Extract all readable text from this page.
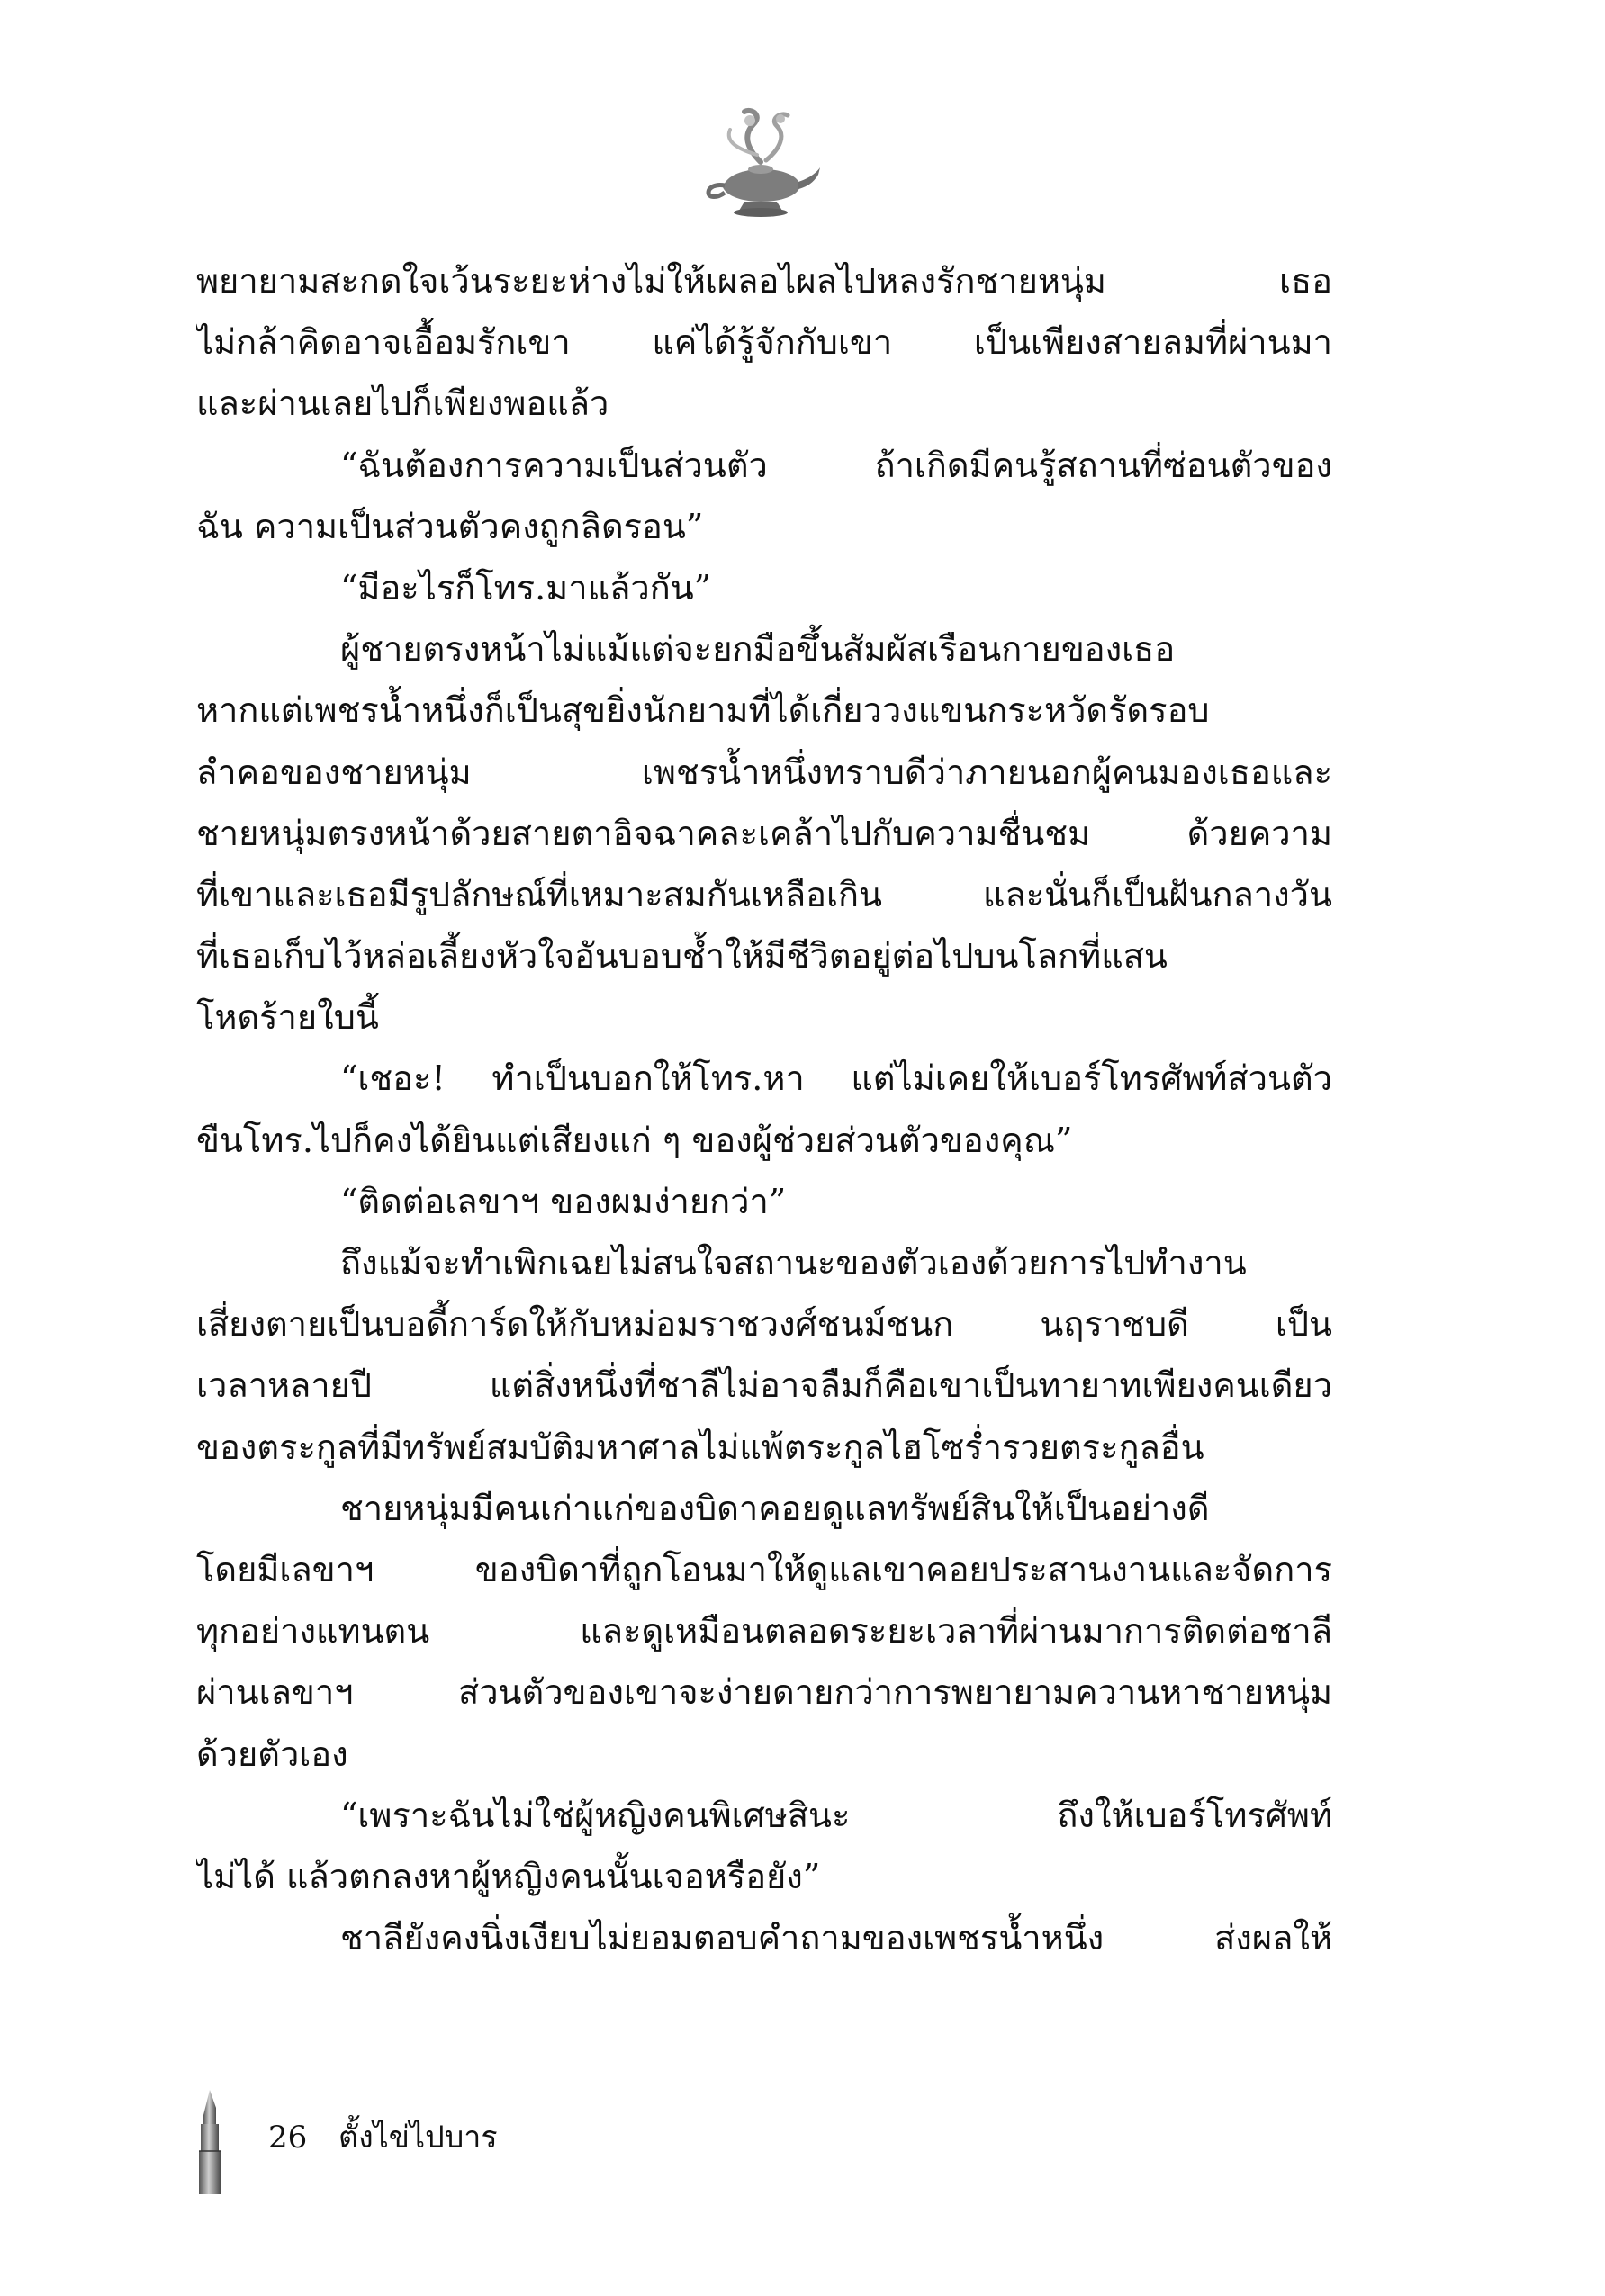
พยายามสะกดใจเว้นระยะห่างไม่ให้เผลอไผลไปหลงรักชายหนุ่ม เธอ
ไม่กล้าคิดอาจเอื้อมรักเขา แค่ได้รู้จักกับเขา เป็นเพียงสายลมที่ผ่านมา
และผ่านเลยไปก็เพียงพอแล้ว
“ฉันต้องการความเป็นส่วนตัว ถ้าเกิดมีคนรู้สถานที่ซ่อนตัวของ
ฉัน ความเป็นส่วนตัวคงถูกลิดรอน”
“มีอะไรก็โทร.มาแล้วกัน”
ผู้ชายตรงหน้าไม่แม้แต่จะยกมือขึ้นสัมผัสเรือนกายของเธอ
หากแต่เพชรน้ำหนึ่งก็เป็นสุขยิ่งนักยามที่ได้เกี่ยววงแขนกระหวัดรัดรอบ
ลำคอของชายหนุ่ม เพชรน้ำหนึ่งทราบดีว่าภายนอกผู้คนมองเธอและ
ชายหนุ่มตรงหน้าด้วยสายตาอิจฉาคละเคล้าไปกับความชื่นชม ด้วยความ
ที่เขาและเธอมีรูปลักษณ์ที่เหมาะสมกันเหลือเกิน และนั่นก็เป็นฝันกลางวัน
ที่เธอเก็บไว้หล่อเลี้ยงหัวใจอันบอบช้ำให้มีชีวิตอยู่ต่อไปบนโลกที่แสน
โหดร้ายใบนี้
“เชอะ! ทำเป็นบอกให้โทร.หา แต่ไม่เคยให้เบอร์โทรศัพท์ส่วนตัว
ขืนโทร.ไปก็คงได้ยินแต่เสียงแก่ ๆ ของผู้ช่วยส่วนตัวของคุณ”
“ติดต่อเลขาฯ ของผมง่ายกว่า”
ถึงแม้จะทำเพิกเฉยไม่สนใจสถานะของตัวเองด้วยการไปทำงาน
เสี่ยงตายเป็นบอดี้การ์ดให้กับหม่อมราชวงศ์ชนม์ชนก นฤราชบดี เป็น
เวลาหลายปี แต่สิ่งหนึ่งที่ชาลีไม่อาจลืมก็คือเขาเป็นทายาทเพียงคนเดียว
ของตระกูลที่มีทรัพย์สมบัติมหาศาลไม่แพ้ตระกูลไฮโซร่ำรวยตระกูลอื่น
ชายหนุ่มมีคนเก่าแก่ของบิดาคอยดูแลทรัพย์สินให้เป็นอย่างดี
โดยมีเลขาฯ ของบิดาที่ถูกโอนมาให้ดูแลเขาคอยประสานงานและจัดการ
ทุกอย่างแทนตน และดูเหมือนตลอดระยะเวลาที่ผ่านมาการติดต่อชาลี
ผ่านเลขาฯ ส่วนตัวของเขาจะง่ายดายกว่าการพยายามควานหาชายหนุ่ม
ด้วยตัวเอง
“เพราะฉันไม่ใช่ผู้หญิงคนพิเศษสินะ ถึงให้เบอร์โทรศัพท์
ไม่ได้ แล้วตกลงหาผู้หญิงคนนั้นเจอหรือยัง”
ชาลียังคงนิ่งเงียบไม่ยอมตอบคำถามของเพชรน้ำหนึ่ง ส่งผลให้
26 ตั้งไข่ไปบาร
